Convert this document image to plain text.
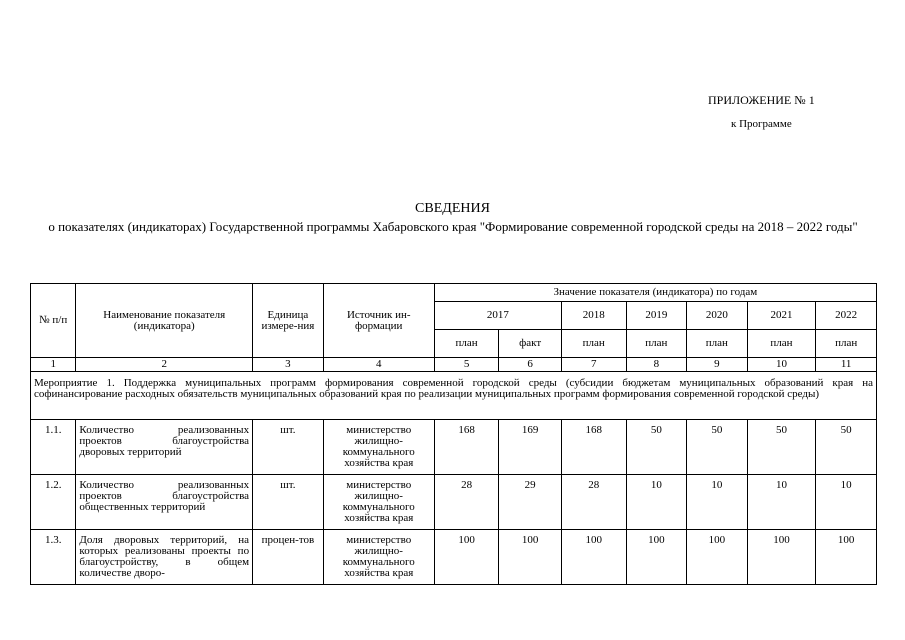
ПРИЛОЖЕНИЕ № 1
к Программе
СВЕДЕНИЯ
о показателях (индикаторах) Государственной программы Хабаровского края "Формирование современной городской среды на 2018 – 2022 годы"
№ п/п	Наименование показателя (индикатора)	Единица измере-ния	Источник ин-формации	Значение показателя (индикатора) по годам						
				2017		2018	2019	2020	2021	2022
				план	факт	план	план	план	план	план
1	2	3	4	5	6	7	8	9	10	11
Мероприятие 1. Поддержка муниципальных программ формирования современной городской среды (субсидии бюджетам муниципальных образований края на софинансирование расходных обязательств муниципальных образований края по реализации муниципальных программ формирования современной городской среды)										
1.1.	Количество реализованных проектов благоустройства дворовых территорий	шт.	министерство жилищно-коммунального хозяйства края	168	169	168	50	50	50	50
1.2.	Количество реализованных проектов благоустройства общественных территорий	шт.	министерство жилищно-коммунального хозяйства края	28	29	28	10	10	10	10
1.3.	Доля дворовых территорий, на которых реализованы проекты по благоустройству, в общем количестве дворо-	процен-тов	министерство жилищно-коммунального хозяйства края	100	100	100	100	100	100	100
